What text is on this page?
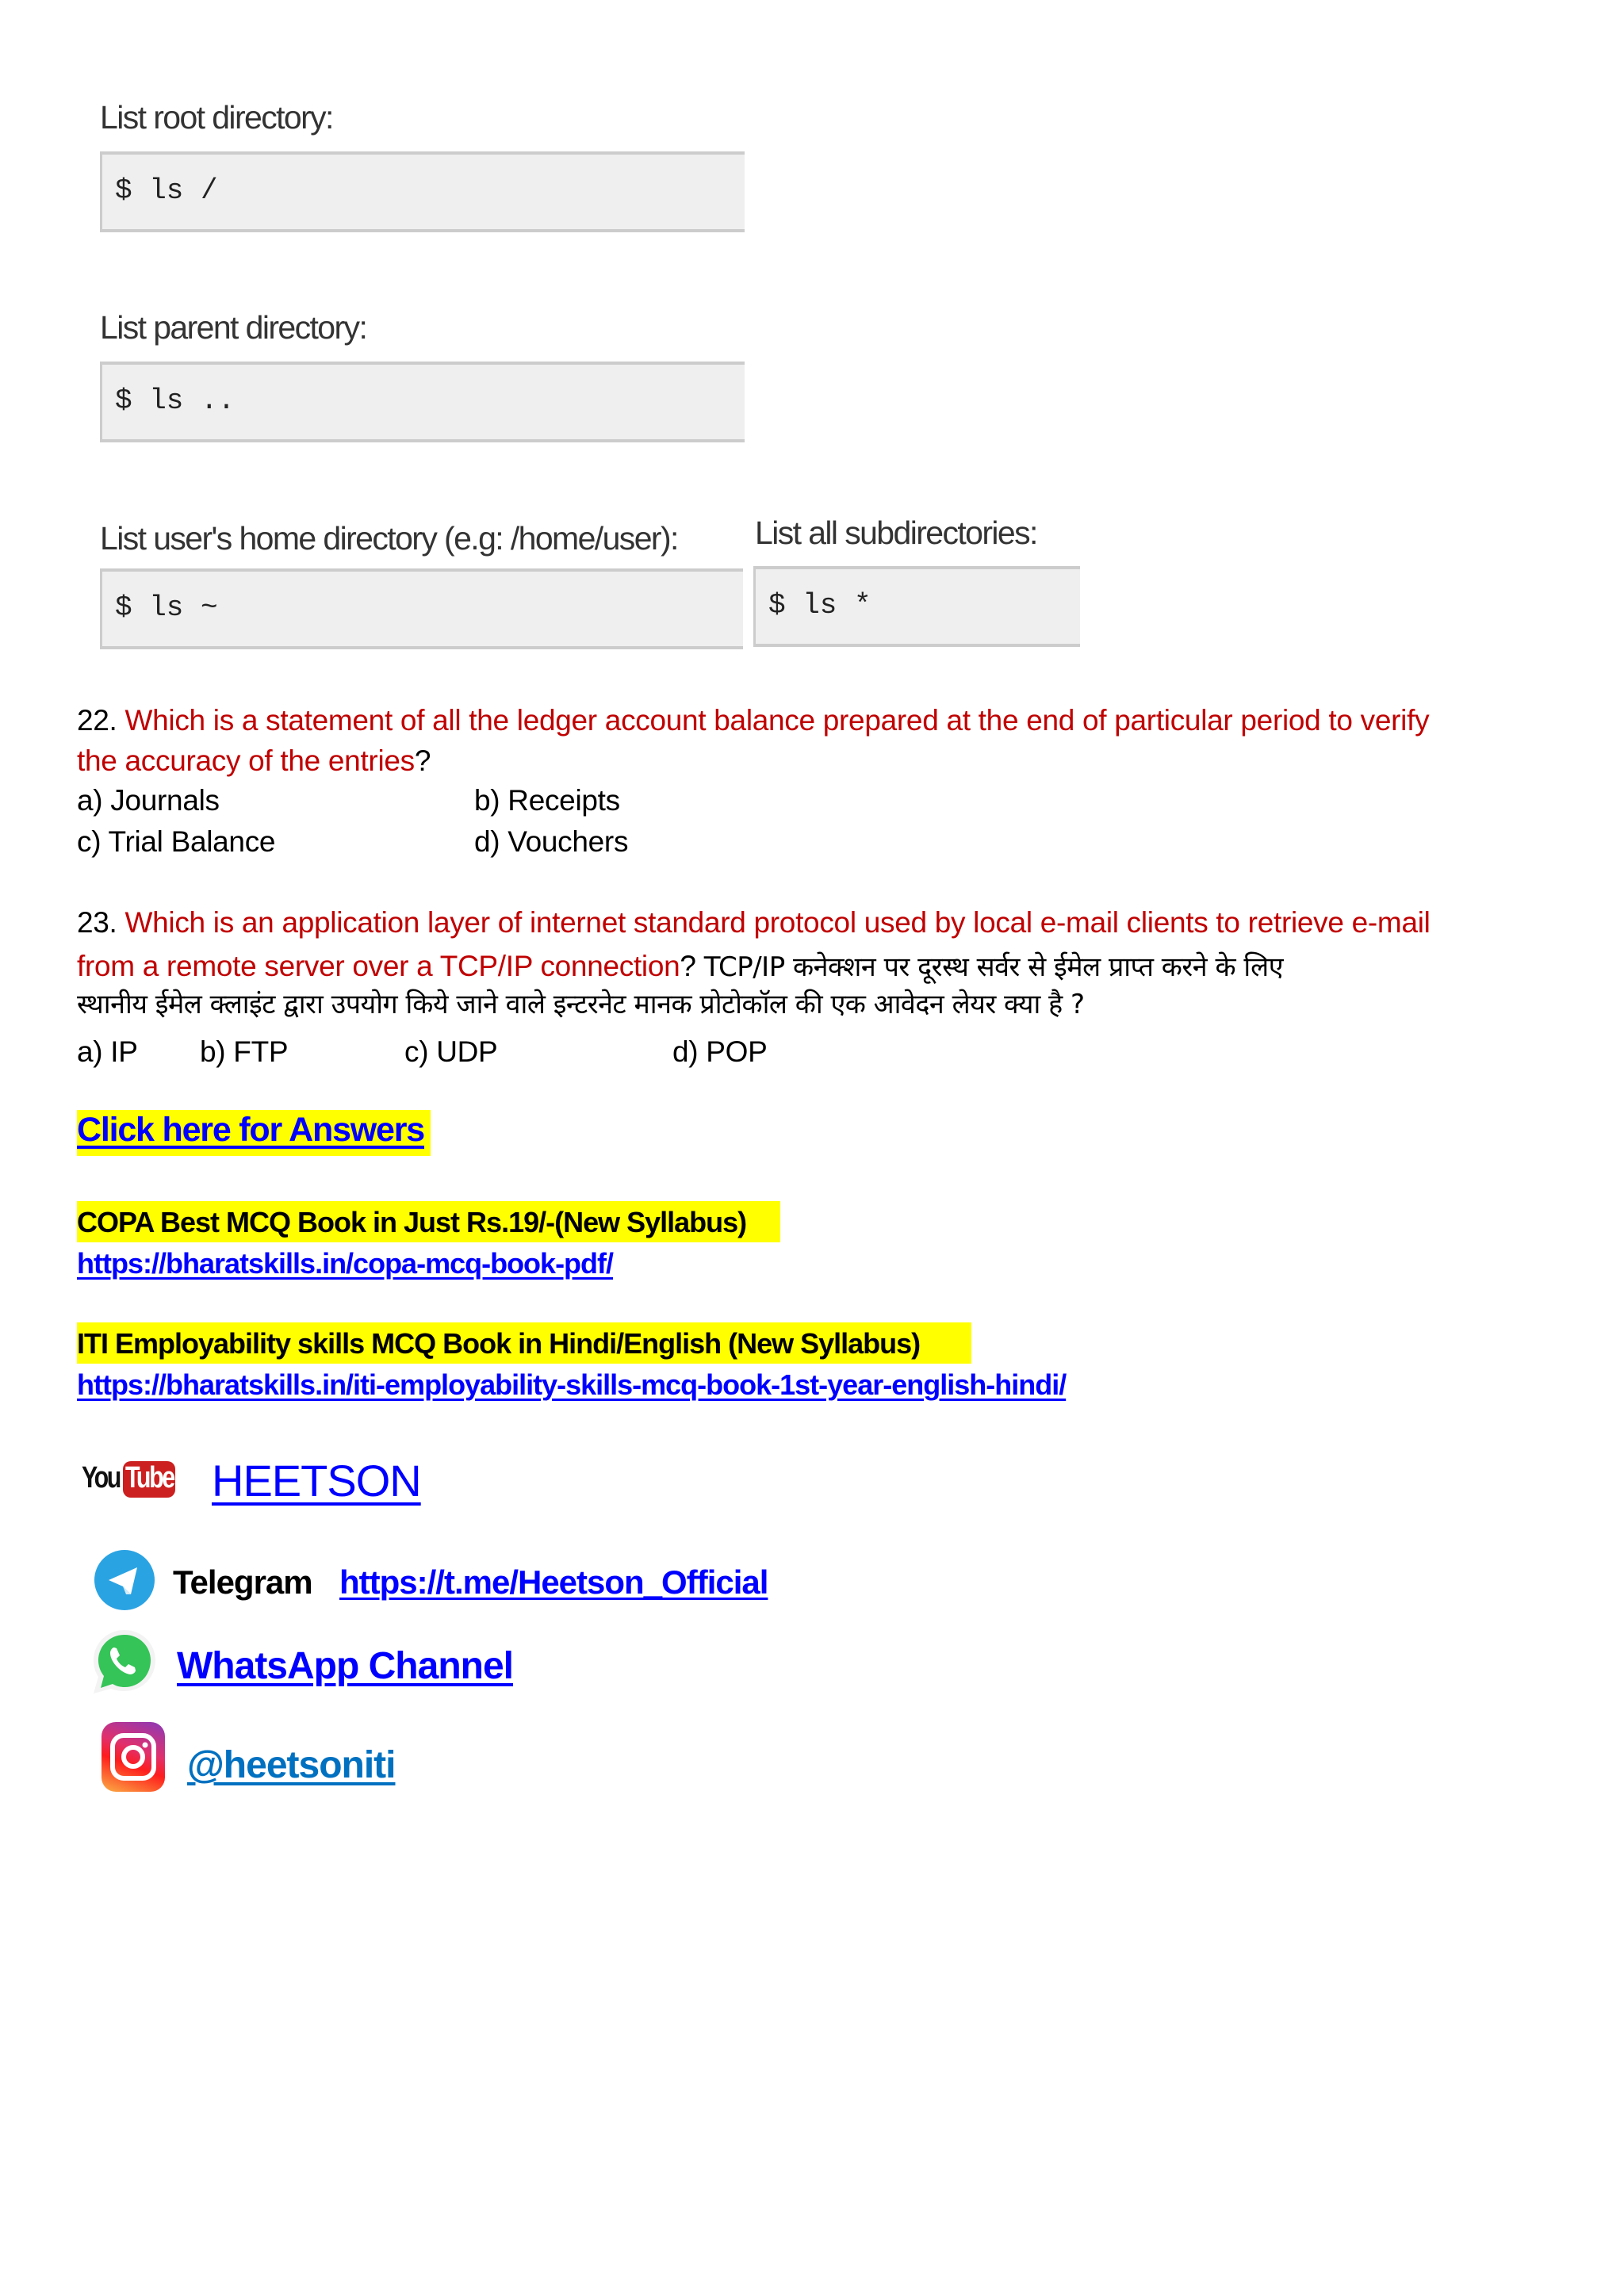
List root directory:
$ ls /
List parent directory:
$ ls ..
List user's home directory (e.g: /home/user):
$ ls ~
List all subdirectories:
$ ls *
22. Which is a statement of all the ledger account balance prepared at the end of particular period to verify
the accuracy of the entries?
a) Journals	b) Receipts
c) Trial Balance	d) Vouchers
23. Which is an application layer of internet standard protocol used by local e-mail clients to retrieve e-mail
from a remote server over a TCP/IP connection? TCP/IP कनेक्शन पर दूरस्थ सर्वर से ईमेल प्राप्त करने के लिए
स्थानीय ईमेल क्लाइंट द्वारा उपयोग किये जाने वाले इन्टरनेट मानक प्रोटोकॉल की एक आवेदन लेयर क्या है ?
a) IP b) FTP	c) UDP	d) POP
Click here for Answers
COPA Best MCQ Book in Just Rs.19/-(New Syllabus)
https://bharatskills.in/copa-mcq-book-pdf/
ITI Employability skills MCQ Book in Hindi/English (New Syllabus)
https://bharatskills.in/iti-employability-skills-mcq-book-1st-year-english-hindi/
You Tube HEETSON
Telegram https://t.me/Heetson_Official
WhatsApp Channel
@heetsoniti
